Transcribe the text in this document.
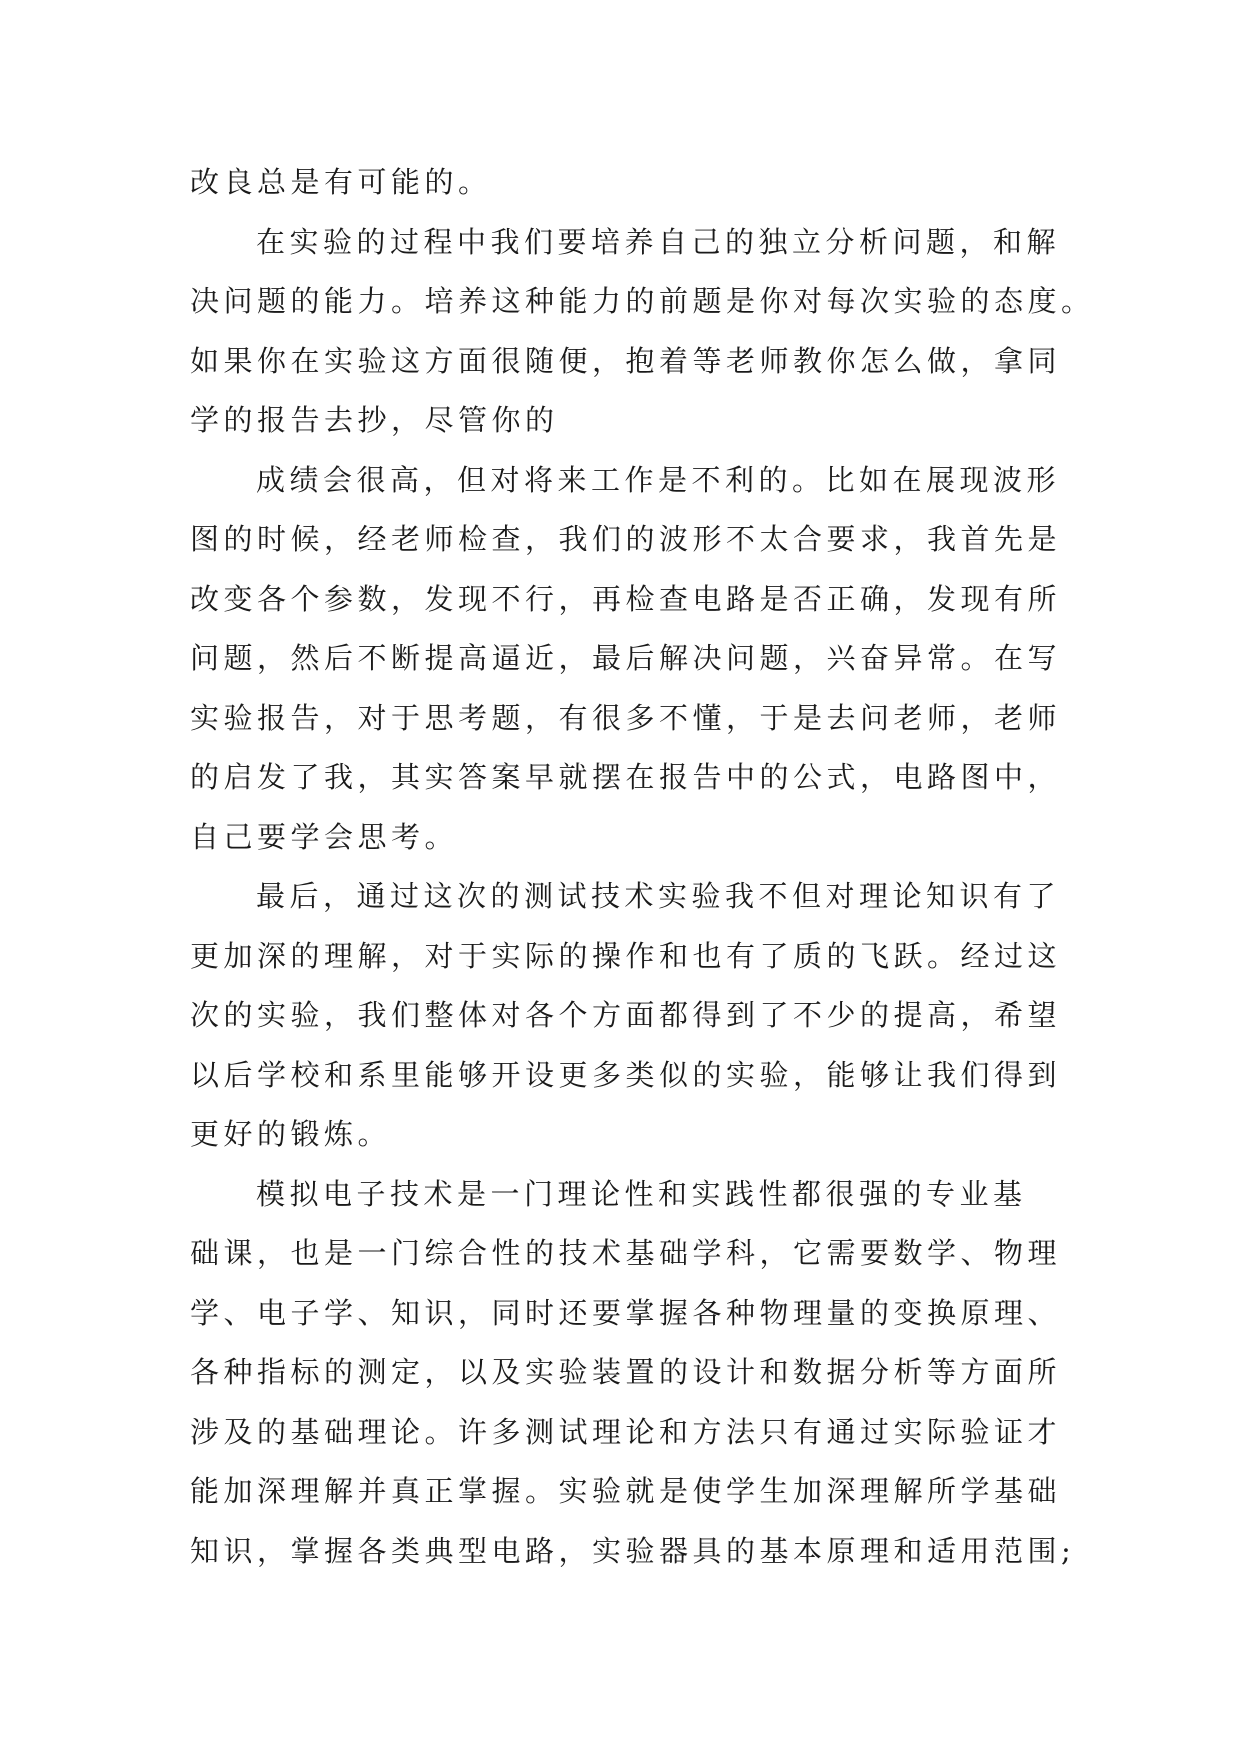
改良总是有可能的。
在实验的过程中我们要培养自己的独立分析问题，和解
决问题的能力。培养这种能力的前题是你对每次实验的态度。
如果你在实验这方面很随便，抱着等老师教你怎么做，拿同
学的报告去抄，尽管你的
成绩会很高，但对将来工作是不利的。比如在展现波形
图的时候，经老师检查，我们的波形不太合要求，我首先是
改变各个参数，发现不行，再检查电路是否正确，发现有所
问题，然后不断提高逼近，最后解决问题，兴奋异常。在写
实验报告，对于思考题，有很多不懂，于是去问老师，老师
的启发了我，其实答案早就摆在报告中的公式，电路图中，
自己要学会思考。
最后，通过这次的测试技术实验我不但对理论知识有了
更加深的理解，对于实际的操作和也有了质的飞跃。经过这
次的实验，我们整体对各个方面都得到了不少的提高，希望
以后学校和系里能够开设更多类似的实验，能够让我们得到
更好的锻炼。
模拟电子技术是一门理论性和实践性都很强的专业基
础课，也是一门综合性的技术基础学科，它需要数学、物理
学、电子学、知识，同时还要掌握各种物理量的变换原理、
各种指标的测定，以及实验装置的设计和数据分析等方面所
涉及的基础理论。许多测试理论和方法只有通过实际验证才
能加深理解并真正掌握。实验就是使学生加深理解所学基础
知识，掌握各类典型电路，实验器具的基本原理和适用范围;
